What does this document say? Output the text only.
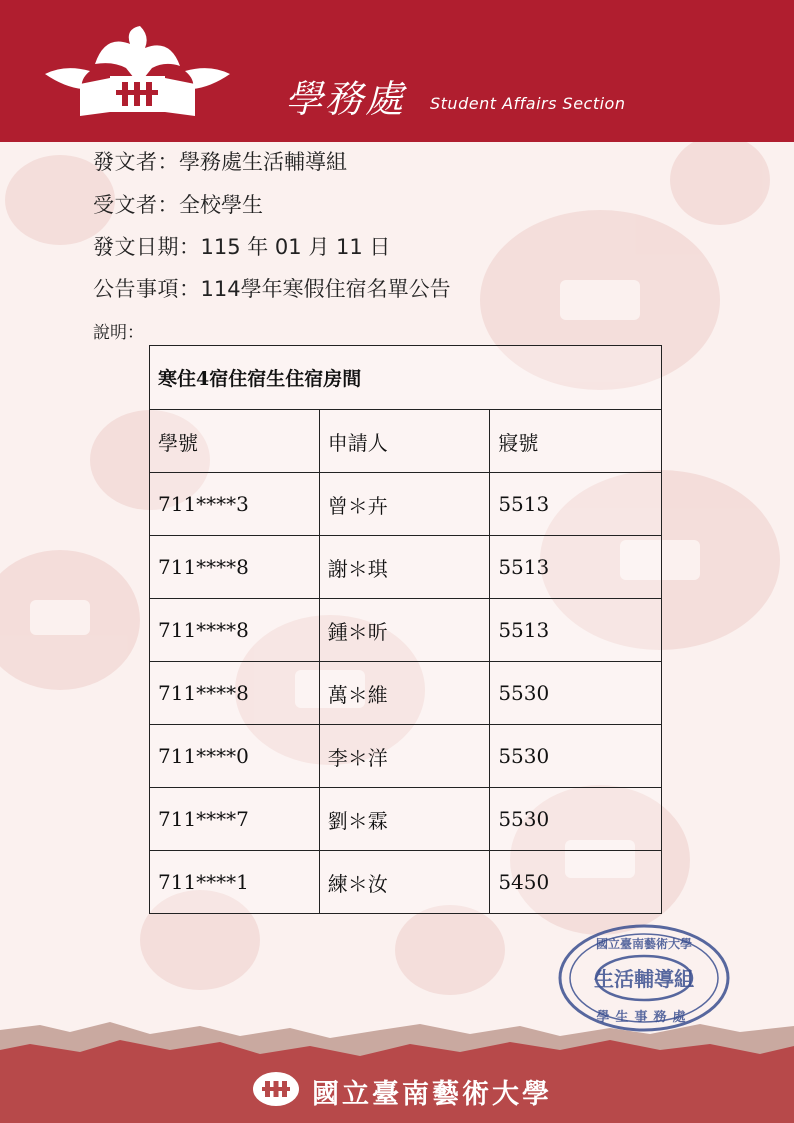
學務處 Student Affairs Section
發文者：學務處生活輔導組
受文者：全校學生
發文日期：115 年 01 月 11 日
公告事項：114學年寒假住宿名單公告
說明：
寒住4宿住宿生住宿房間		
學號	申請人	寢號
711****3	曾＊卉	5513
711****8	謝＊琪	5513
711****8	鍾＊昕	5513
711****8	萬＊維	5530
711****0	李＊洋	5530
711****7	劉＊霖	5530
711****1	練＊汝	5450
生活輔導組
國立臺南藝術大學
學生事務處
國立臺南藝術大學
